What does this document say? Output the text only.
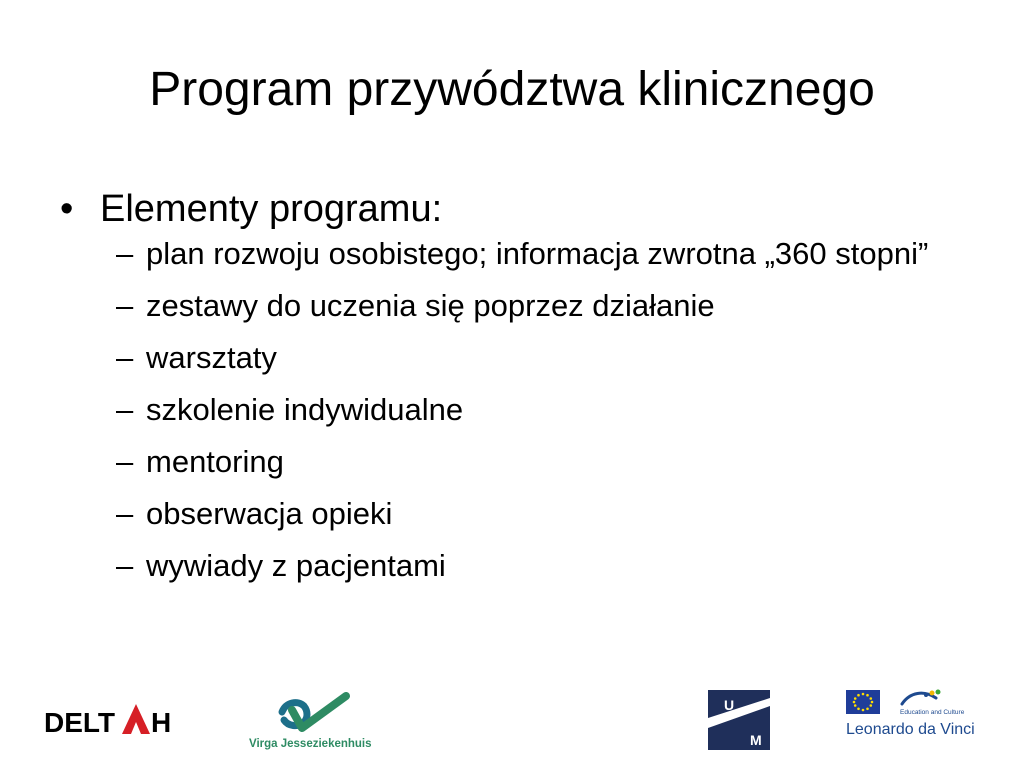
Program przywództwa klinicznego
• Elementy programu:
– plan rozwoju osobistego; informacja zwrotna „360 stopni”
– zestawy do uczenia się poprzez działanie
– warsztaty
– szkolenie indywidualne
– mentoring
– obserwacja opieki
– wywiady z pacjentami
DELT H
Virga Jesseziekenhuis
U
M
Education and Culture
Leonardo da Vinci
